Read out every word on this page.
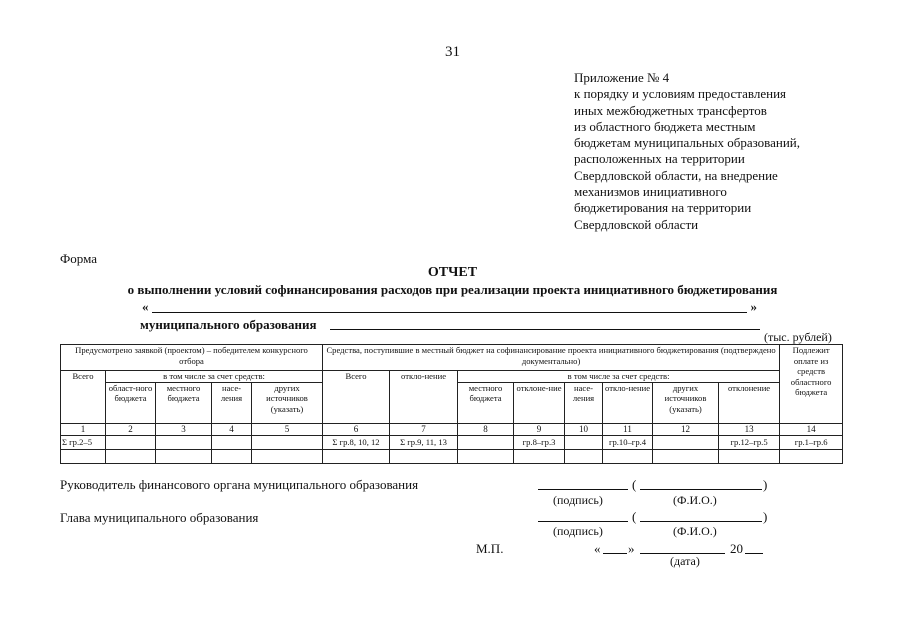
31
Приложение № 4
к порядку и условиям предоставления
иных межбюджетных трансфертов
из областного бюджета местным
бюджетам муниципальных образований,
расположенных на территории
Свердловской области, на внедрение
механизмов инициативного
бюджетирования на территории
Свердловской области
Форма
ОТЧЕТ
о выполнении условий софинансирования расходов при реализации проекта инициативного бюджетирования
«	»
муниципального образования
(тыс. рублей)
Предусмотрено заявкой (проектом) – победителем конкурсного отбора					Средства, поступившие в местный бюджет на софинансирование проекта инициативного бюджетирования (подтверждено документально)								Подлежит оплате из средств областного бюджета
Всего	в том числе за счет средств:				Всего	откло-нение	в том числе за счет средств:						
	област-ного бюджета	местного бюджета	насе-ления	других источников (указать)			местного бюджета	отклоне-ние	насе-ления	откло-нение	других источников (указать)	отклонение	
1	2	3	4	5	6	7	8	9	10	11	12	13	14
Σ гр.2–5					Σ гр.8, 10, 12	Σ гр.9, 11, 13		гр.8–гр.3		гр.10–гр.4		гр.12–гр.5	гр.1–гр.6

Руководитель финансового органа муниципального образования	(	)
(подпись)	(Ф.И.О.)
Глава муниципального образования	(	)
(подпись)	(Ф.И.О.)
М.П.	« »	20
(дата)
